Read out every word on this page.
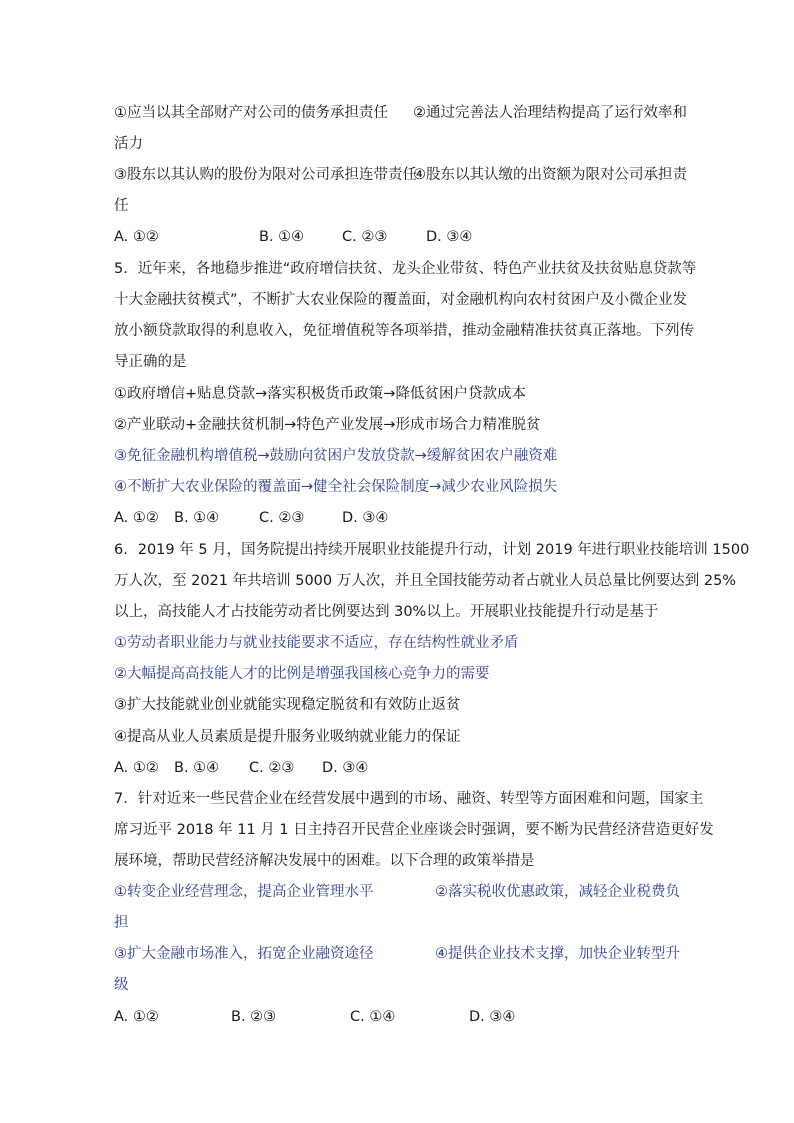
①应当以其全部财产对公司的债务承担责任 ②通过完善法人治理结构提高了运行效率和
活力
③股东以其认购的股份为限对公司承担连带责任
④股东以其认缴的出资额为限对公司承担责
任
A. ①②	B. ①④	C. ②③	D. ③④
5．近年来，各地稳步推进“政府增信扶贫、龙头企业带贫、特色产业扶贫及扶贫贴息贷款等
十大金融扶贫模式”，不断扩大农业保险的覆盖面，对金融机构向农村贫困户及小微企业发
放小额贷款取得的利息收入，免征增值税等各项举措，推动金融精准扶贫真正落地。下列传
导正确的是
①政府增信+贴息贷款→落实积极货币政策→降低贫困户贷款成本
②产业联动+金融扶贫机制→特色产业发展→形成市场合力精准脱贫
③免征金融机构增值税→鼓励向贫困户发放贷款→缓解贫困农户融资难
④不断扩大农业保险的覆盖面→健全社会保险制度→减少农业风险损失
A. ①② B. ①④	C. ②③	D. ③④
6．2019 年 5 月，国务院提出持续开展职业技能提升行动，计划 2019 年进行职业技能培训 1500
万人次，至 2021 年共培训 5000 万人次，并且全国技能劳动者占就业人员总量比例要达到 25%
以上，高技能人才占技能劳动者比例要达到 30%以上。开展职业技能提升行动是基于
①劳动者职业能力与就业技能要求不适应，存在结构性就业矛盾
②大幅提高高技能人才的比例是增强我国核心竞争力的需要
③扩大技能就业创业就能实现稳定脱贫和有效防止返贫
④提高从业人员素质是提升服务业吸纳就业能力的保证
A. ①② B. ①④ C. ②③ D. ③④
7．针对近来一些民营企业在经营发展中遇到的市场、融资、转型等方面困难和问题，国家主
席习近平 2018 年 11 月 1 日主持召开民营企业座谈会时强调，要不断为民营经济营造更好发
展环境，帮助民营经济解决发展中的困难。以下合理的政策举措是
①转变企业经营理念，提高企业管理水平	②落实税收优惠政策，减轻企业税费负
担
③扩大金融市场准入，拓宽企业融资途径	④提供企业技术支撑，加快企业转型升
级
A. ①②	B. ②③	C. ①④	D. ③④
